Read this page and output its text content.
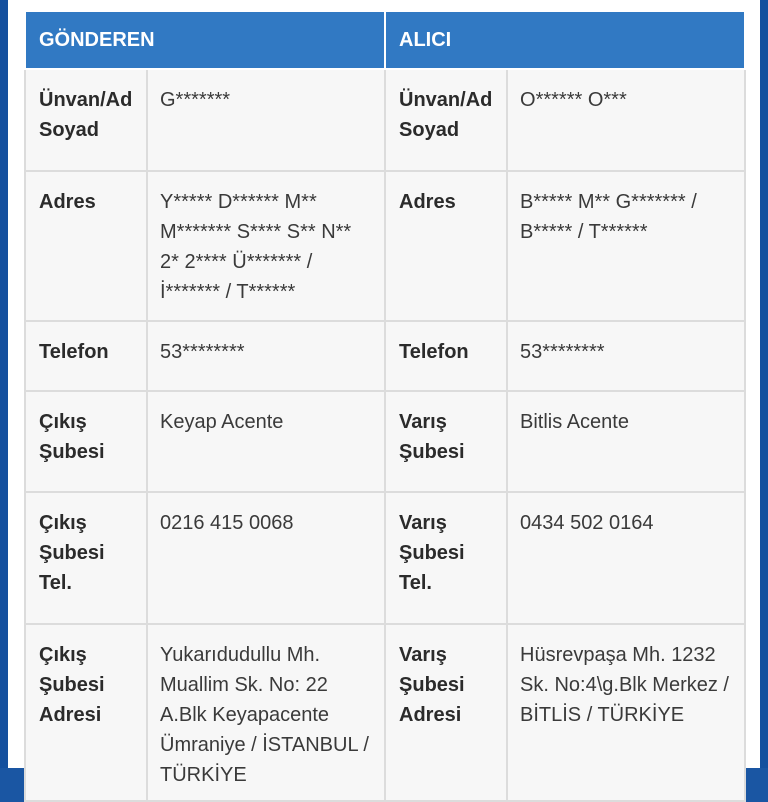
GÖNDEREN		ALICI	
Ünvan/Ad Soyad	G*******	Ünvan/Ad Soyad	O****** O***
Adres	Y***** D****** M** M******* S**** S** N** 2* 2**** Ü******* / İ******* / T******	Adres	B***** M** G******* / B***** / T******
Telefon	53********	Telefon	53********
Çıkış Şubesi	Keyap Acente	Varış Şubesi	Bitlis Acente
Çıkış Şubesi Tel.	0216 415 0068	Varış Şubesi Tel.	0434 502 0164
Çıkış Şubesi Adresi	Yukarıdudullu Mh. Muallim Sk. No: 22 A.Blk Keyapacente Ümraniye / İSTANBUL / TÜRKİYE	Varış Şubesi Adresi	Hüsrevpaşa Mh. 1232 Sk. No:4\g.Blk Merkez / BİTLİS / TÜRKİYE
